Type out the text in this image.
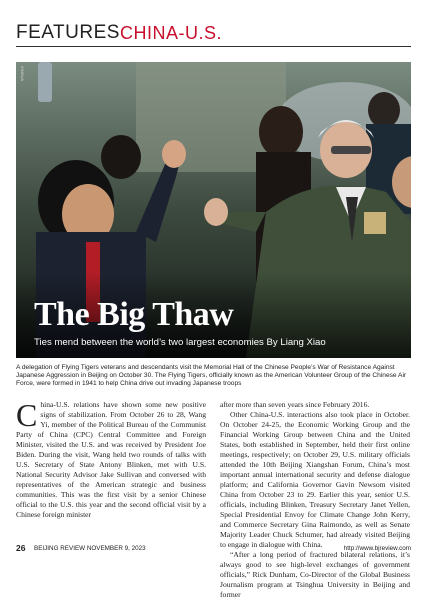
FEATURES CHINA-U.S.
XINHUA
The Big Thaw
Ties mend between the world’s two largest economies By Liang Xiao
A delegation of Flying Tigers veterans and descendants visit the Memorial Hall of the Chinese People’s War of Resistance Against Japanese Aggression in Beijing on October 30. The Flying Tigers, officially known as the American Volunteer Group of the Chinese Air Force, were formed in 1941 to help China drive out invading Japanese troops

China-U.S. relations have shown some new positive signs of stabilization. From October 26 to 28, Wang Yi, member of the Political Bureau of the Communist Party of China (CPC) Central Committee and Foreign Minister, visited the U.S. and was received by President Joe Biden. During the visit, Wang held two rounds of talks with U.S. Secretary of State Antony Blinken, met with U.S. National Security Advisor Jake Sullivan and conversed with representatives of the American strategic and business communities. This was the first visit by a senior Chinese official to the U.S. this year and the second official visit by a Chinese foreign minister

after more than seven years since February 2016.

Other China-U.S. interactions also took place in October. On October 24-25, the Economic Working Group and the Financial Working Group between China and the United States, both established in September, held their first online meetings, respectively; on October 29, U.S. military officials attended the 10th Beijing Xiangshan Forum, China’s most important annual international security and defense dialogue platform; and California Governor Gavin Newsom visited China from October 23 to 29. Earlier this year, senior U.S. officials, including Blinken, Treasury Secretary Janet Yellen, Special Presidential Envoy for Climate Change John Kerry, and Commerce Secretary Gina Raimondo, as well as Senate Majority Leader Chuck Schumer, had already visited Beijing to engage in dialogue with China.

“After a long period of fractured bilateral relations, it’s always good to see high-level exchanges of government officials,” Rick Dunham, Co-Director of the Global Business Journalism program at Tsinghua University in Beijing and former

26 BEIJING REVIEW NOVEMBER 9, 2023	http://www.bjreview.com
